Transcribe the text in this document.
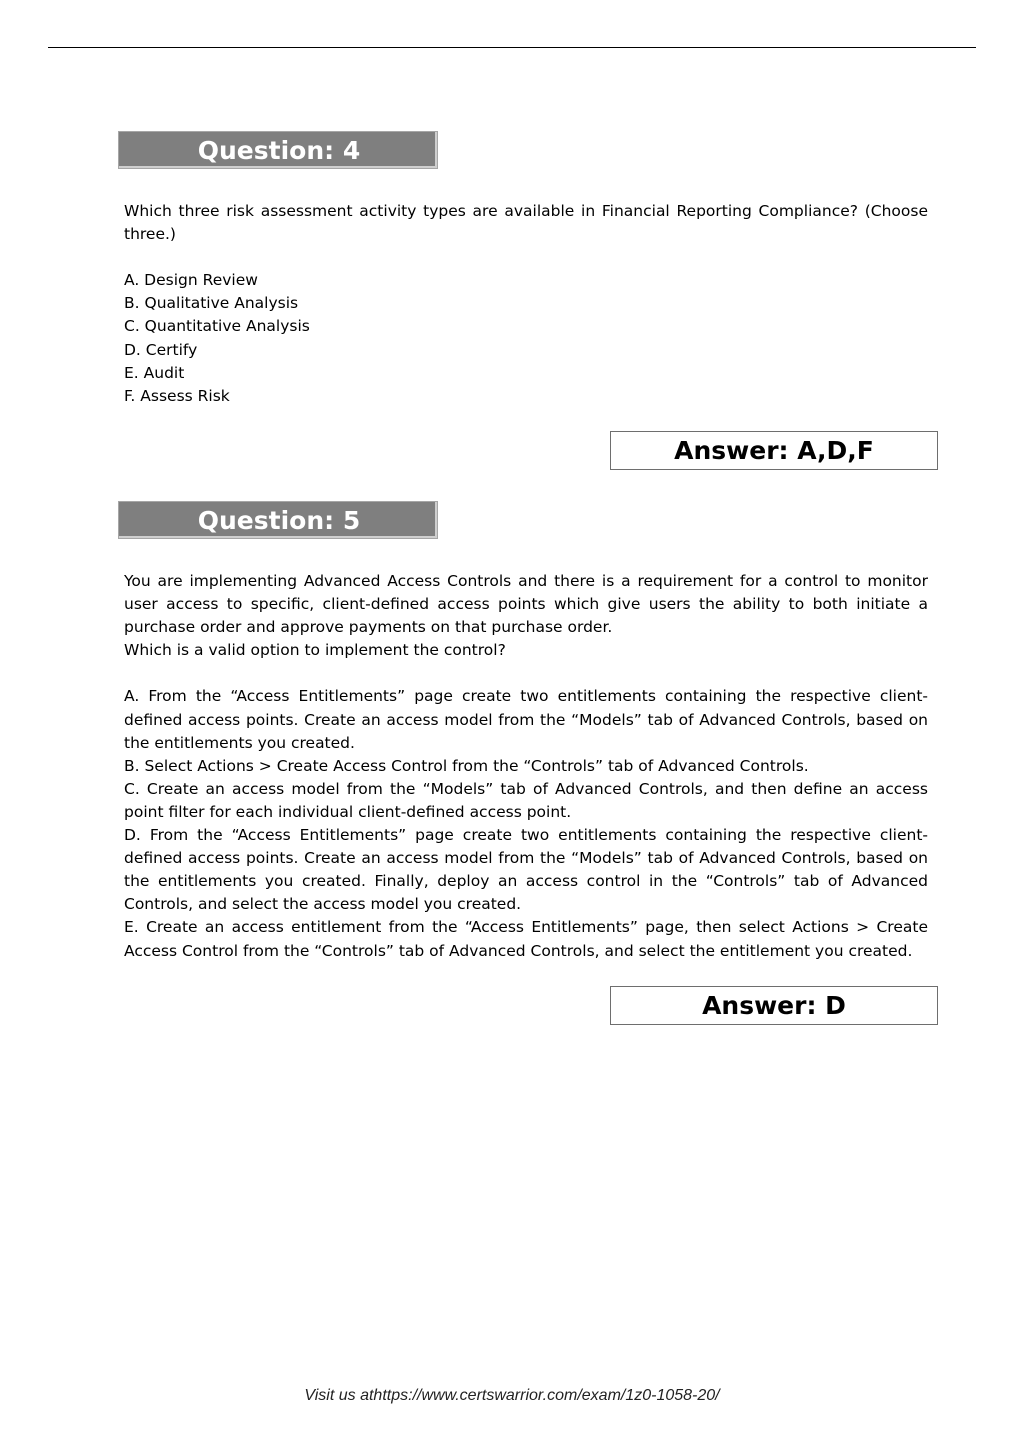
Question: 4

Which three risk assessment activity types are available in Financial Reporting Compliance? (Choose three.)

A. Design Review

B. Qualitative Analysis

C. Quantitative Analysis

D. Certify

E. Audit

F. Assess Risk

Answer: A,D,F
Question: 5

You are implementing Advanced Access Controls and there is a requirement for a control to monitor user access to specific, client-defined access points which give users the ability to both initiate a purchase order and approve payments on that purchase order.

Which is a valid option to implement the control?

A. From the “Access Entitlements” page create two entitlements containing the respective client-defined access points. Create an access model from the “Models” tab of Advanced Controls, based on the entitlements you created.

B. Select Actions > Create Access Control from the “Controls” tab of Advanced Controls.

C. Create an access model from the “Models” tab of Advanced Controls, and then define an access point filter for each individual client-defined access point.

D. From the “Access Entitlements” page create two entitlements containing the respective client-defined access points. Create an access model from the “Models” tab of Advanced Controls, based on the entitlements you created. Finally, deploy an access control in the “Controls” tab of Advanced Controls, and select the access model you created.

E. Create an access entitlement from the “Access Entitlements” page, then select Actions > Create Access Control from the “Controls” tab of Advanced Controls, and select the entitlement you created.

Answer: D
Visit us athttps://www.certswarrior.com/exam/1z0-1058-20/
